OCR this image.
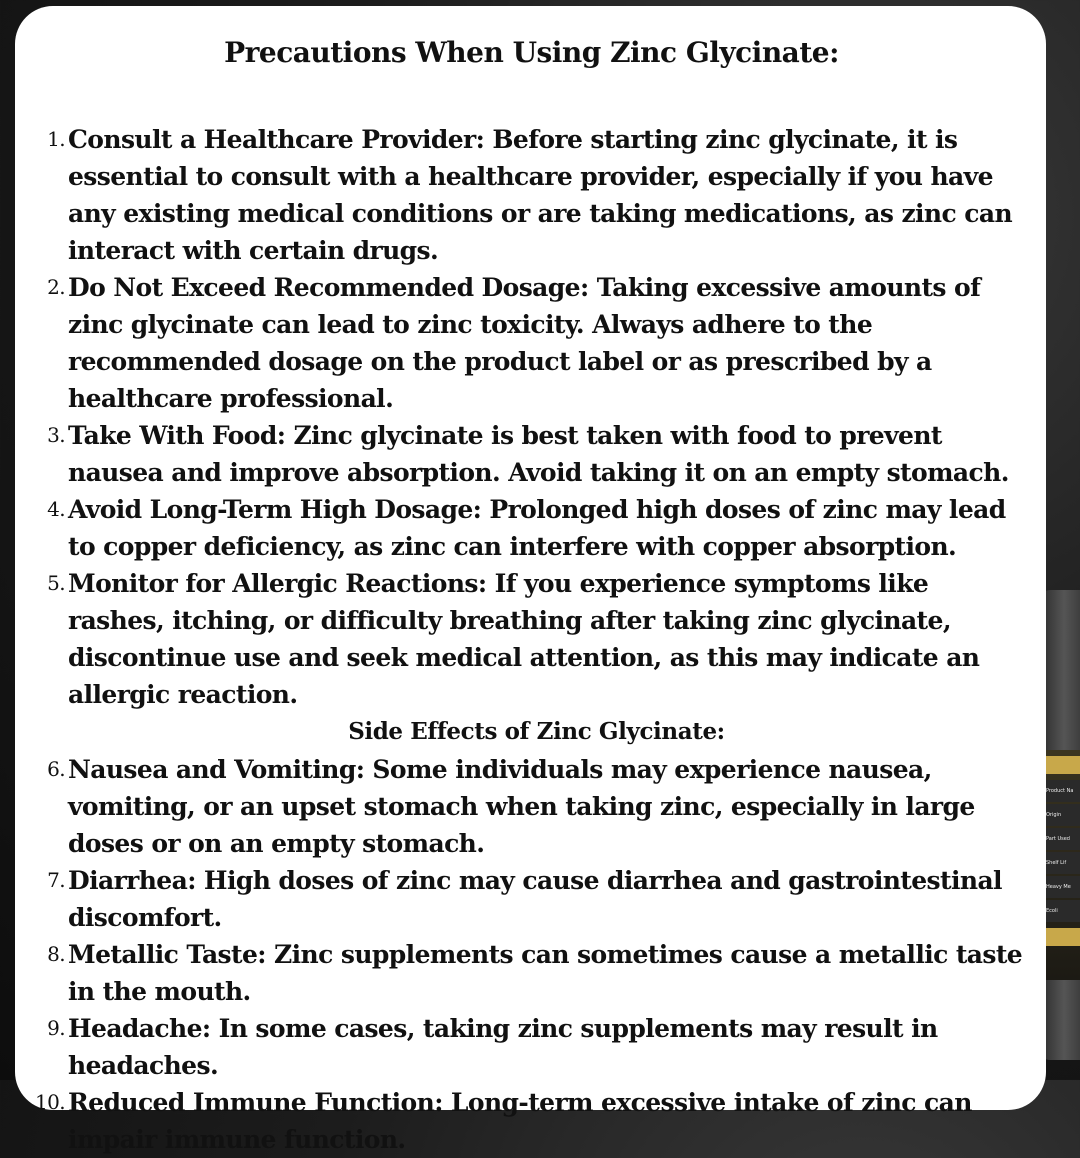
Product Na
Origin
Part Used
Shelf Lif
Heavy Me
Ecoli
Precautions When Using Zinc Glycinate:
1. Consult a Healthcare Provider: Before starting zinc glycinate, it is essential to consult with a healthcare provider, especially if you have any existing medical conditions or are taking medications, as zinc can interact with certain drugs.
2. Do Not Exceed Recommended Dosage: Taking excessive amounts of zinc glycinate can lead to zinc toxicity. Always adhere to the recommended dosage on the product label or as prescribed by a healthcare professional.
3. Take With Food: Zinc glycinate is best taken with food to prevent nausea and improve absorption. Avoid taking it on an empty stomach.
4. Avoid Long-Term High Dosage: Prolonged high doses of zinc may lead to copper deficiency, as zinc can interfere with copper absorption.
5. Monitor for Allergic Reactions: If you experience symptoms like rashes, itching, or difficulty breathing after taking zinc glycinate, discontinue use and seek medical attention, as this may indicate an allergic reaction.
Side Effects of Zinc Glycinate:
6. Nausea and Vomiting: Some individuals may experience nausea, vomiting, or an upset stomach when taking zinc, especially in large doses or on an empty stomach.
7. Diarrhea: High doses of zinc may cause diarrhea and gastrointestinal discomfort.
8. Metallic Taste: Zinc supplements can sometimes cause a metallic taste in the mouth.
9. Headache: In some cases, taking zinc supplements may result in headaches.
10. Reduced Immune Function: Long-term excessive intake of zinc can impair immune function.
